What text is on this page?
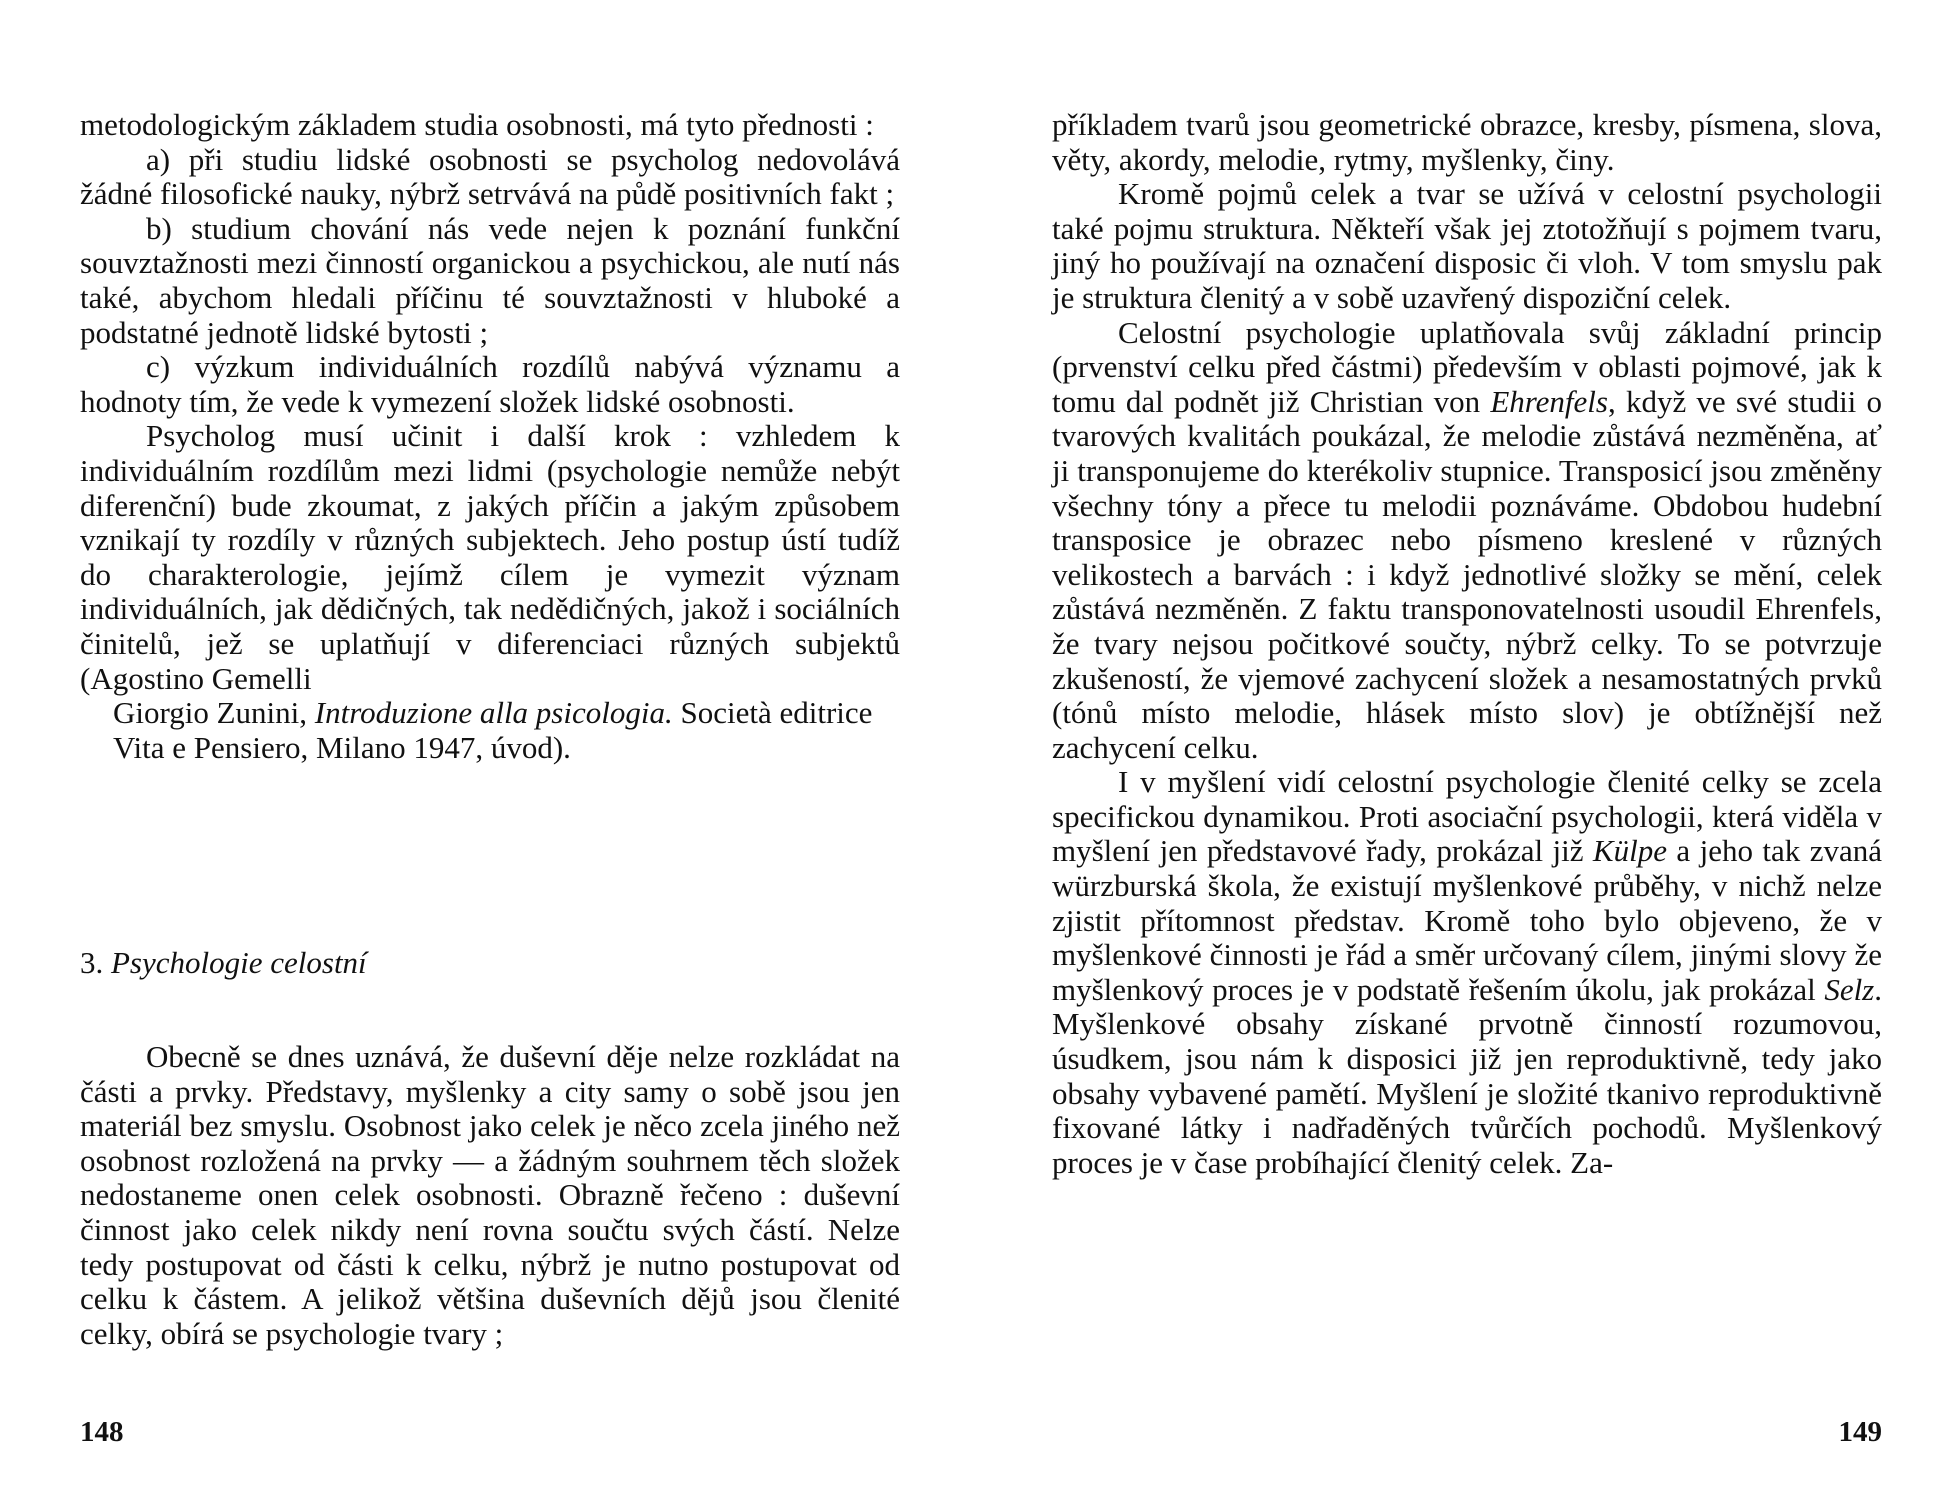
metodologickým základem studia osobnosti, má tyto přednosti :

a) při studiu lidské osobnosti se psycholog nedovolává žádné filosofické nauky, nýbrž setrvává na půdě positivních fakt ;

b) studium chování nás vede nejen k poznání funkční souvztažnosti mezi činností organickou a psychickou, ale nutí nás také, abychom hledali příčinu té souvztažnosti v hluboké a podstatné jednotě lidské bytosti ;

c) výzkum individuálních rozdílů nabývá významu a hodnoty tím, že vede k vymezení složek lidské osobnosti.

Psycholog musí učinit i další krok : vzhledem k individuálním rozdílům mezi lidmi (psychologie nemůže nebýt diferenční) bude zkoumat, z jakých příčin a jakým způsobem vznikají ty rozdíly v různých subjektech. Jeho postup ústí tudíž do charakterologie, jejímž cílem je vymezit význam individuálních, jak dědičných, tak nedědičných, jakož i sociálních činitelů, jež se uplatňují v diferenciaci různých subjektů (Agostino Gemelli

Giorgio Zunini, Introduzione alla psicologia. Società editrice Vita e Pensiero, Milano 1947, úvod).

3. Psychologie celostní

Obecně se dnes uznává, že duševní děje nelze rozkládat na části a prvky. Představy, myšlenky a city samy o sobě jsou jen materiál bez smyslu. Osobnost jako celek je něco zcela jiného než osobnost rozložená na prvky — a žádným souhrnem těch složek nedostaneme onen celek osobnosti. Obrazně řečeno : duševní činnost jako celek nikdy není rovna součtu svých částí. Nelze tedy postupovat od části k celku, nýbrž je nutno postupovat od celku k částem. A jelikož většina duševních dějů jsou členité celky, obírá se psychologie tvary ;

148

příkladem tvarů jsou geometrické obrazce, kresby, písmena, slova, věty, akordy, melodie, rytmy, myšlenky, činy.

Kromě pojmů celek a tvar se užívá v celostní psychologii také pojmu struktura. Někteří však jej ztotožňují s pojmem tvaru, jiný ho používají na označení disposic či vloh. V tom smyslu pak je struktura členitý a v sobě uzavřený dispoziční celek.

Celostní psychologie uplatňovala svůj základní princip (prvenství celku před částmi) především v oblasti pojmové, jak k tomu dal podnět již Christian von Ehrenfels, když ve své studii o tvarových kvalitách poukázal, že melodie zůstává nezměněna, ať ji transponujeme do kterékoliv stupnice. Transposicí jsou změněny všechny tóny a přece tu melodii poznáváme. Obdobou hudební transposice je obrazec nebo písmeno kreslené v různých velikostech a barvách : i když jednotlivé složky se mění, celek zůstává nezměněn. Z faktu transponovatelnosti usoudil Ehrenfels, že tvary nejsou počitkové součty, nýbrž celky. To se potvrzuje zkušeností, že vjemové zachycení složek a nesamostatných prvků (tónů místo melodie, hlásek místo slov) je obtížnější než zachycení celku.

I v myšlení vidí celostní psychologie členité celky se zcela specifickou dynamikou. Proti asociační psychologii, která viděla v myšlení jen představové řady, prokázal již Külpe a jeho tak zvaná würzburská škola, že existují myšlenkové průběhy, v nichž nelze zjistit přítomnost představ. Kromě toho bylo objeveno, že v myšlenkové činnosti je řád a směr určovaný cílem, jinými slovy že myšlenkový proces je v podstatě řešením úkolu, jak prokázal Selz. Myšlenkové obsahy získané prvotně činností rozumovou, úsudkem, jsou nám k disposici již jen reproduktivně, tedy jako obsahy vybavené pamětí. Myšlení je složité tkanivo reproduktivně fixované látky i nadřaděných tvůrčích pochodů. Myšlenkový proces je v čase probíhající členitý celek. Za-

149
